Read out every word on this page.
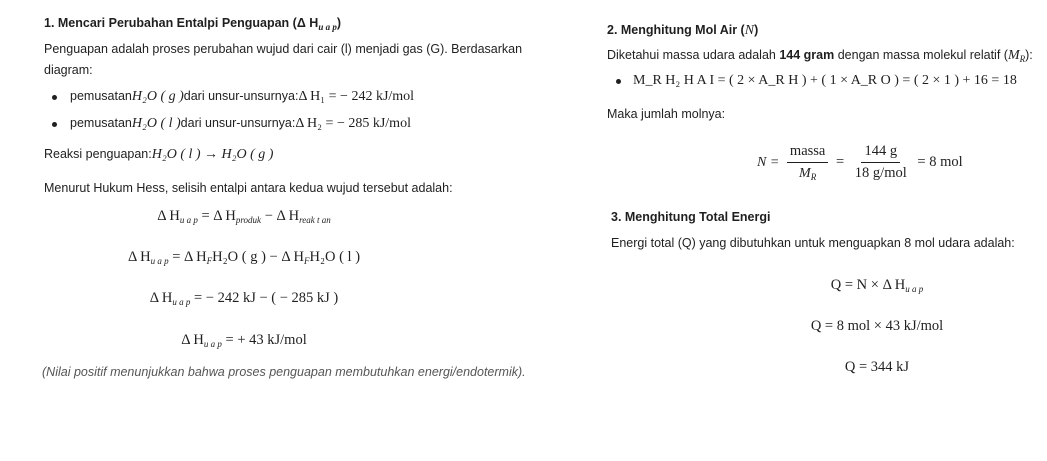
1. Mencari Perubahan Entalpi Penguapan (Δ $H_{u a p}$)
Penguapan adalah proses perubahan wujud dari cair (l) menjadi gas (G). Berdasarkan
diagram:
pemusatanH₂O ( g )dari unsur-unsurnya:Δ H₁ = − 242 kJ/mol
pemusatanH₂O ( l )dari unsur-unsurnya:Δ H₂ = − 285 kJ/mol
Reaksi penguapan:H₂O ( l ) → H₂O ( g )
Menurut Hukum Hess, selisih entalpi antara kedua wujud tersebut adalah:
Δ $H_{u a p} = \Delta$ $H_{produk} - \Delta$ $H_{reak t an}$
Δ $H_{u a p} = \Delta$ $H_FH_2O$ ( g ) − Δ $H_FH_2O$ ( l )
Δ $H_{u a p}$ = − 242 kJ − ( − 285 kJ )
Δ $H_{u a p}$ = + 43 kJ/mol
(Nilai positif menunjukkan bahwa proses penguapan membutuhkan energi/endotermik).
2. Menghitung Mol Air (N)
Diketahui massa udara adalah 144 gram dengan massa molekul relatif $(M_R)$:
M_R H₂ H A I = ( 2 × A_R H ) + ( 1 × A_R O ) = ( 2 × 1 ) + 16 = 18
Maka jumlah molnya:
$N = \frac{\text{massa}}{M_R} = \frac{144 g}{\text{18 g/mol}} = 8$ mol
3. Menghitung Total Energi
Energi total (Q) yang dibutuhkan untuk menguapkan 8 mol udara adalah:
Q = N × Δ $H_{u a p}$
Q = 8 mol × 43 kJ/mol
Q = 344 kJ
